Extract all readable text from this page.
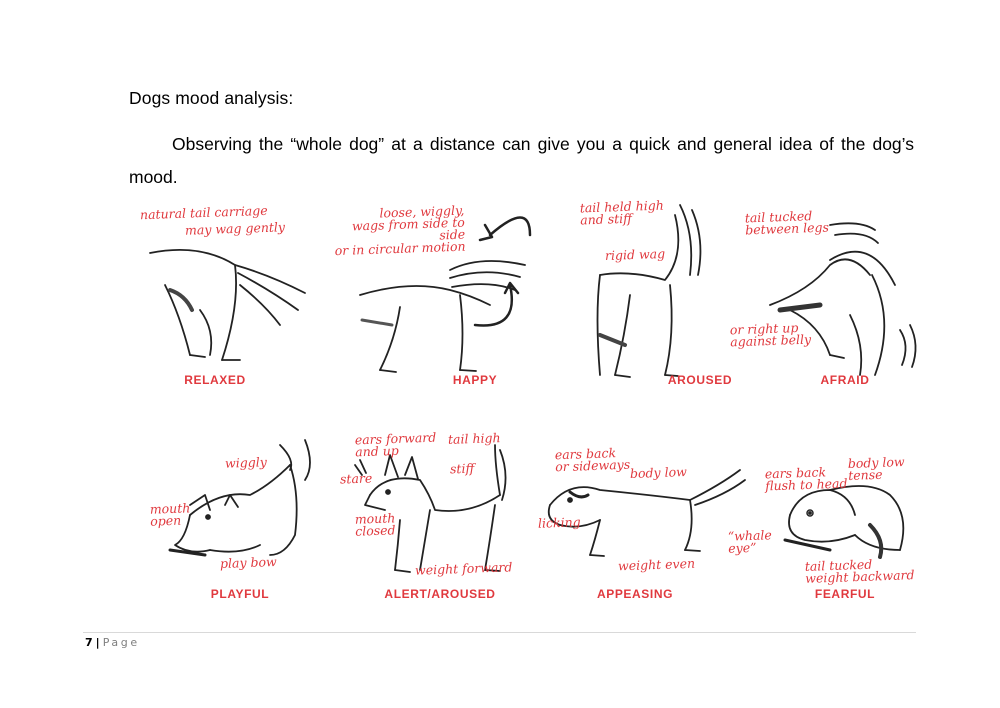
Dogs mood analysis:
Observing the “whole dog” at a distance can give you a quick and general idea of the dog’s mood.
natural tail carriage
may wag gently
RELAXED
loose, wiggly,
wags from side to side
or in circular motion
HAPPY
tail held high
and stiff
rigid wag
AROUSED
tail tucked
between legs
or right up
against belly
AFRAID
wiggly
mouth
open
play bow
PLAYFUL
ears forward
and up
tail high
stare
stiff
mouth
closed
weight forward
ALERT/AROUSED
ears back
or sideways body low
licking
weight even
APPEASING
ears back
flush to head
body low
tense
“whale
eye”
tail tucked
weight backward
FEARFUL
7 | Page
